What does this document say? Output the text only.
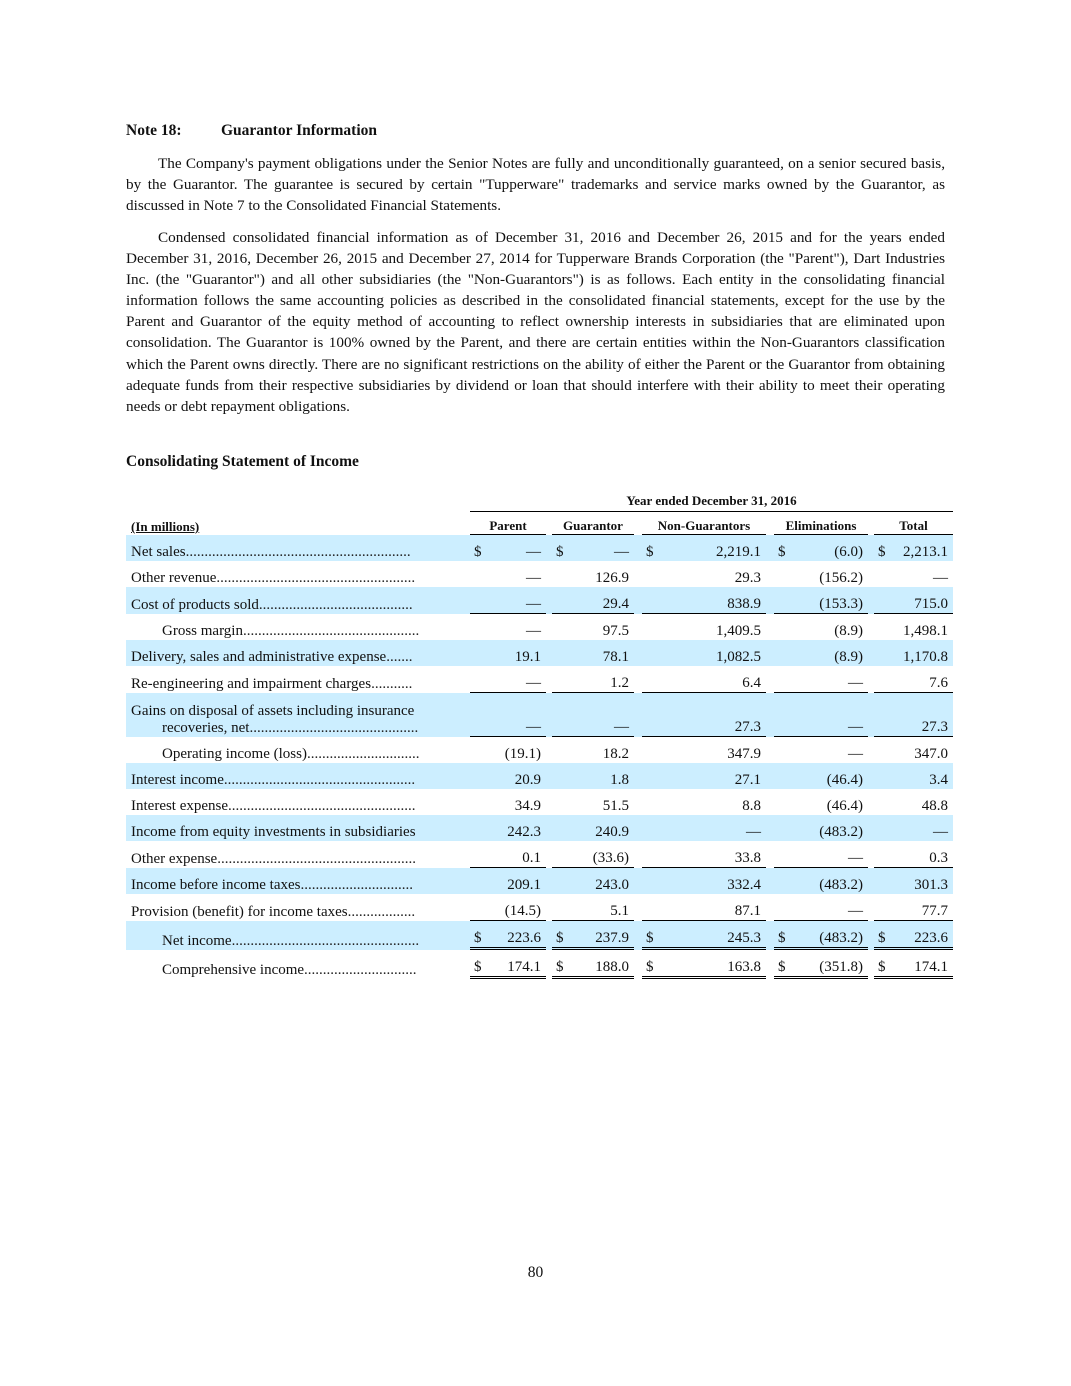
Note 18:	Guarantor Information

The Company's payment obligations under the Senior Notes are fully and unconditionally guaranteed, on a senior secured basis, by the Guarantor. The guarantee is secured by certain "Tupperware" trademarks and service marks owned by the Guarantor, as discussed in Note 7 to the Consolidated Financial Statements.

Condensed consolidated financial information as of December 31, 2016 and December 26, 2015 and for the years ended December 31, 2016, December 26, 2015 and December 27, 2014 for Tupperware Brands Corporation (the "Parent"), Dart Industries Inc. (the "Guarantor") and all other subsidiaries (the "Non-Guarantors") is as follows. Each entity in the consolidating financial information follows the same accounting policies as described in the consolidated financial statements, except for the use by the Parent and Guarantor of the equity method of accounting to reflect ownership interests in subsidiaries that are eliminated upon consolidation. The Guarantor is 100% owned by the Parent, and there are certain entities within the Non-Guarantors classification which the Parent owns directly. There are no significant restrictions on the ability of either the Parent or the Guarantor from obtaining adequate funds from their respective subsidiaries by dividend or loan that should interfere with their ability to meet their operating needs or debt repayment obligations.

Consolidating Statement of Income
		Year ended December 31, 2016													
(In millions)		Parent			Guarantor			Non-Guarantors			Eliminations			Total	
Net sales............................................................		$	—		$	—		$	2,219.1		$	(6.0)		$	2,213.1
Other revenue.....................................................			—			126.9			29.3			(156.2)			—
Cost of products sold.........................................			—			29.4			838.9			(153.3)			715.0
Gross margin...............................................			—			97.5			1,409.5			(8.9)			1,498.1
Delivery, sales and administrative expense.......			19.1			78.1			1,082.5			(8.9)			1,170.8
Re-engineering and impairment charges...........			—			1.2			6.4			—			7.6

Gains on disposal of assets including insurance
recoveries, net.............................................			—			—			27.3			—			27.3
Operating income (loss)..............................			(19.1)			18.2			347.9			—			347.0
Interest income...................................................			20.9			1.8			27.1			(46.4)			3.4
Interest expense..................................................			34.9			51.5			8.8			(46.4)			48.8
Income from equity investments in subsidiaries			242.3			240.9			—			(483.2)			—
Other expense.....................................................			0.1			(33.6)			33.8			—			0.3
Income before income taxes..............................			209.1			243.0			332.4			(483.2)			301.3
Provision (benefit) for income taxes..................			(14.5)			5.1			87.1			—			77.7
Net income..................................................		$	223.6		$	237.9		$	245.3		$	(483.2)		$	223.6
Comprehensive income..............................		$	174.1		$	188.0		$	163.8		$	(351.8)		$	174.1
80
